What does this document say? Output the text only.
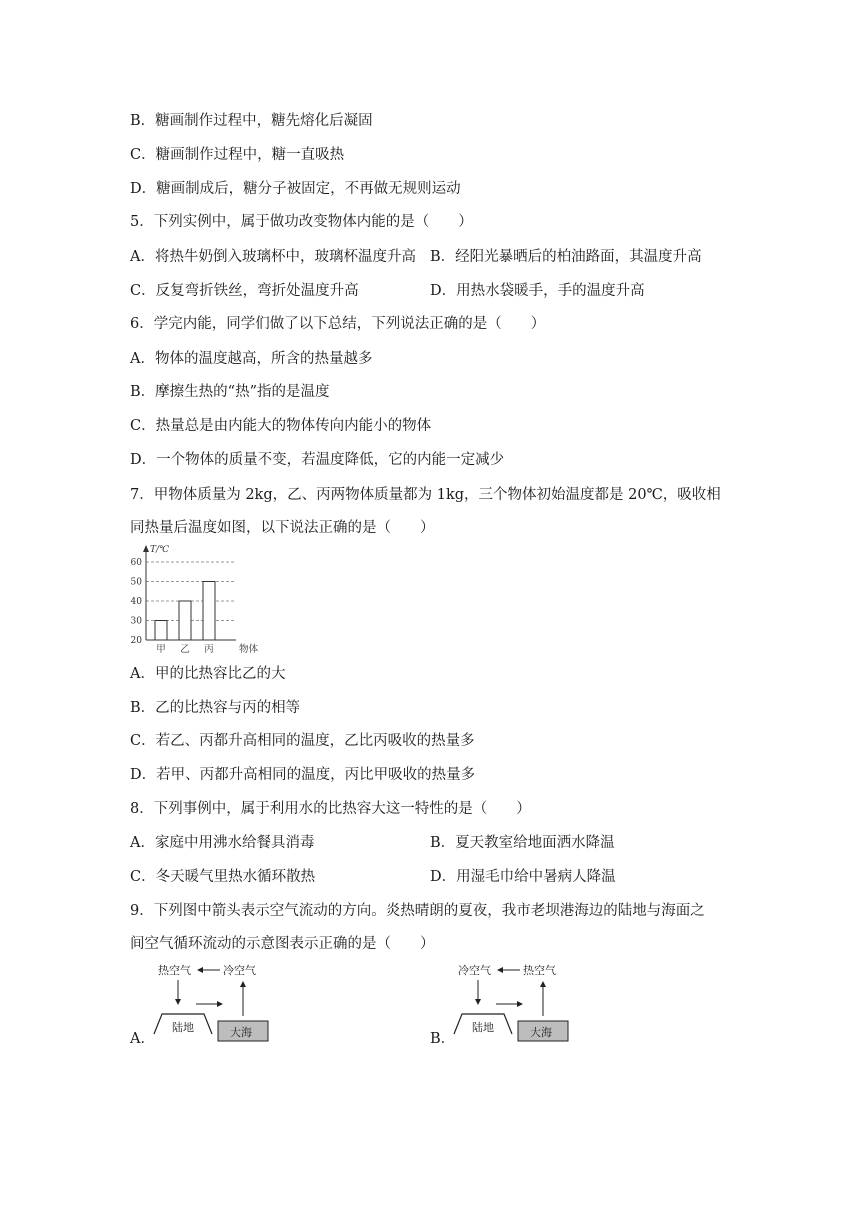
B．糖画制作过程中，糖先熔化后凝固
C．糖画制作过程中，糖一直吸热
D．糖画制成后，糖分子被固定，不再做无规则运动
5．下列实例中，属于做功改变物体内能的是（　　）
A．将热牛奶倒入玻璃杯中，玻璃杯温度升高 B．经阳光暴晒后的柏油路面，其温度升高
C．反复弯折铁丝，弯折处温度升高	D．用热水袋暖手，手的温度升高
6．学完内能，同学们做了以下总结，下列说法正确的是（　　）
A．物体的温度越高，所含的热量越多
B．摩擦生热的“热”指的是温度
C．热量总是由内能大的物体传向内能小的物体
D．一个物体的质量不变，若温度降低，它的内能一定减少
7．甲物体质量为 2kg，乙、丙两物体质量都为 1kg，三个物体初始温度都是 20℃，吸收相
同热量后温度如图，以下说法正确的是（　　）
20
30
40
50
60
甲 乙 丙
T/℃
物体
A．甲的比热容比乙的大
B．乙的比热容与丙的相等
C．若乙、丙都升高相同的温度，乙比丙吸收的热量多
D．若甲、丙都升高相同的温度，丙比甲吸收的热量多
8．下列事例中，属于利用水的比热容大这一特性的是（　　）
A．家庭中用沸水给餐具消毒	B．夏天教室给地面洒水降温
C．冬天暖气里热水循环散热	D．用湿毛巾给中暑病人降温
9．下列图中箭头表示空气流动的方向。炎热晴朗的夏夜，我市老坝港海边的陆地与海面之
间空气循环流动的示意图表示正确的是（　　）
A．
热空气	冷空气
陆地	大海	B．
冷空气	热空气
陆地	大海
